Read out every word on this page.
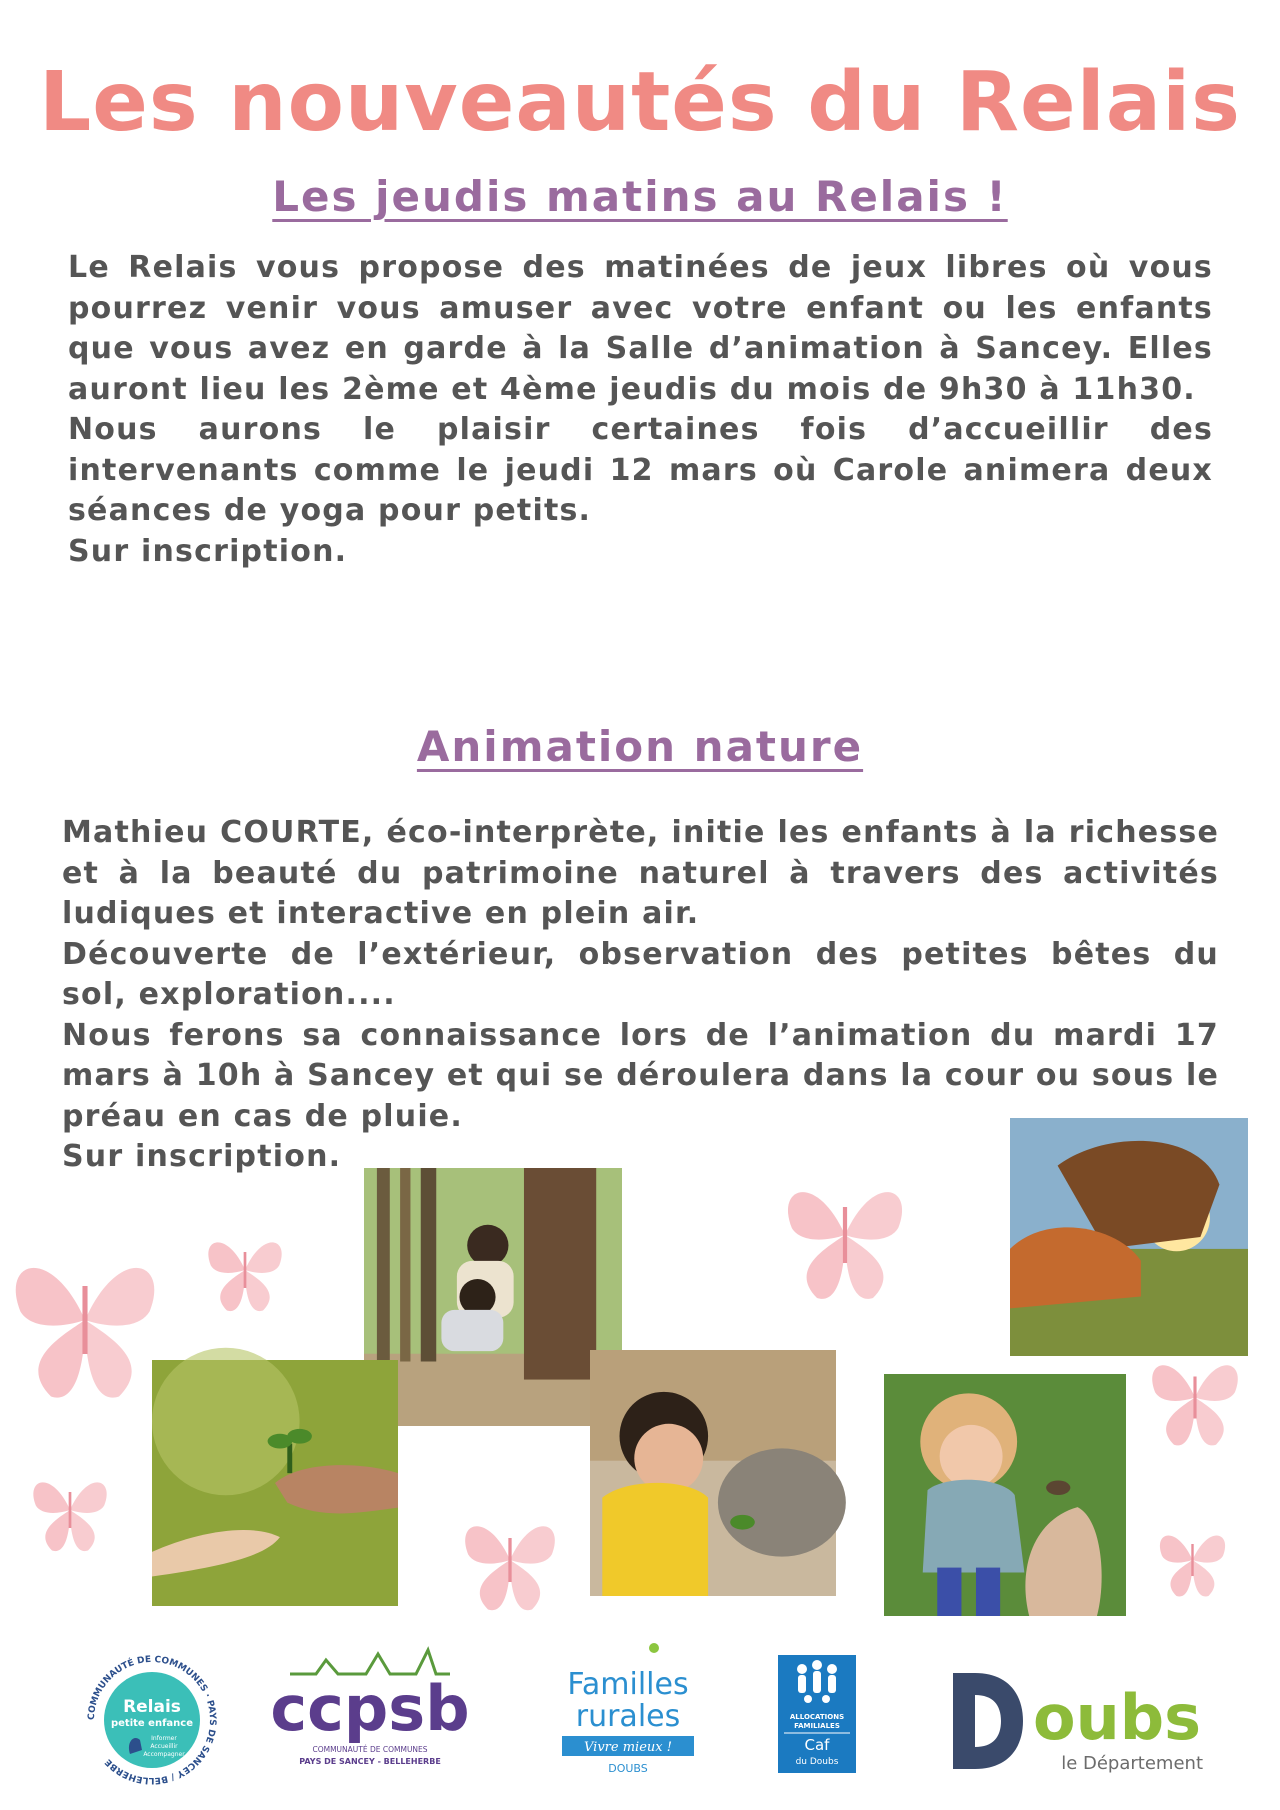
Les nouveautés du Relais
Les jeudis matins au Relais !

Le Relais vous propose des matinées de jeux libres où vous pourrez venir vous amuser avec votre enfant ou les enfants que vous avez en garde à la Salle d’animation à Sancey. Elles auront lieu les 2ème et 4ème jeudis du mois de 9h30 à 11h30.

Nous aurons le plaisir certaines fois d’accueillir des intervenants comme le jeudi 12 mars où Carole animera deux séances de yoga pour petits.

Sur inscription.

Animation nature

Mathieu COURTE, éco-interprète, initie les enfants à la richesse et à la beauté du patrimoine naturel à travers des activités ludiques et interactive en plein air.

Découverte de l’extérieur, observation des petites bêtes du sol, exploration....

Nous ferons sa connaissance lors de l’animation du mardi 17 mars à 10h à Sancey et qui se déroulera dans la cour ou sous le préau en cas de pluie.

Sur inscription.

COMMUNAUTÉ DE COMMUNES · PAYS DE SANCEY / BELLEHERBE
Relais
petite enfance
Informer
Accueillir
Accompagner
ccpsb
COMMUNAUTÉ DE COMMUNES
PAYS DE SANCEY - BELLEHERBE
Familles
rurales
Vivre mieux !
DOUBS
ALLOCATIONS
FAMILIALES
Caf
du Doubs
oubs
le Département
